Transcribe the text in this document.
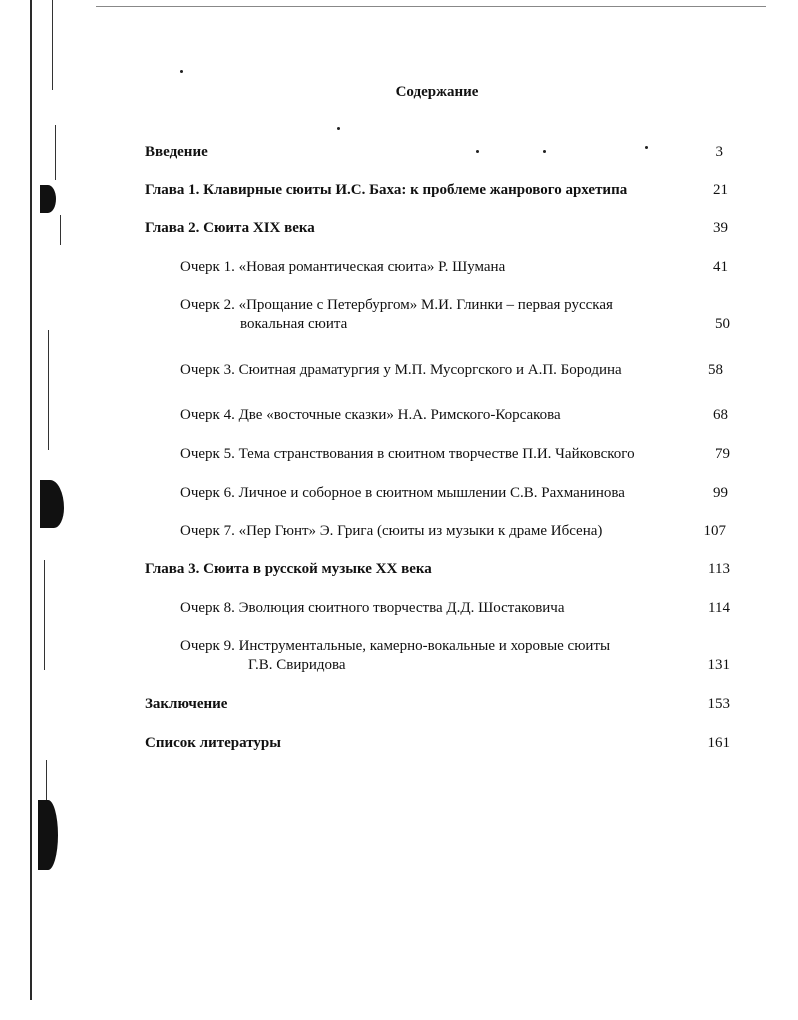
Содержание
Введение	3
Глава 1. Клавирные сюиты И.С. Баха: к проблеме жанрового архетипа	21
Глава 2. Сюита XIX века	39
Очерк 1. «Новая романтическая сюита» Р. Шумана	41
Очерк 2. «Прощание с Петербургом» М.И. Глинки – первая русская
вокальная сюита	50
Очерк 3. Сюитная драматургия у М.П. Мусоргского и А.П. Бородина	58
Очерк 4. Две «восточные сказки» Н.А. Римского-Корсакова	68
Очерк 5. Тема странствования в сюитном творчестве П.И. Чайковского	79
Очерк 6. Личное и соборное в сюитном мышлении С.В. Рахманинова	99
Очерк 7. «Пер Гюнт» Э. Грига (сюиты из музыки к драме Ибсена)	107
Глава 3. Сюита в русской музыке XX века	113
Очерк 8. Эволюция сюитного творчества Д.Д. Шостаковича	114
Очерк 9. Инструментальные, камерно-вокальные и хоровые сюиты
Г.В. Свиридова	131
Заключение	153
Список литературы	161
